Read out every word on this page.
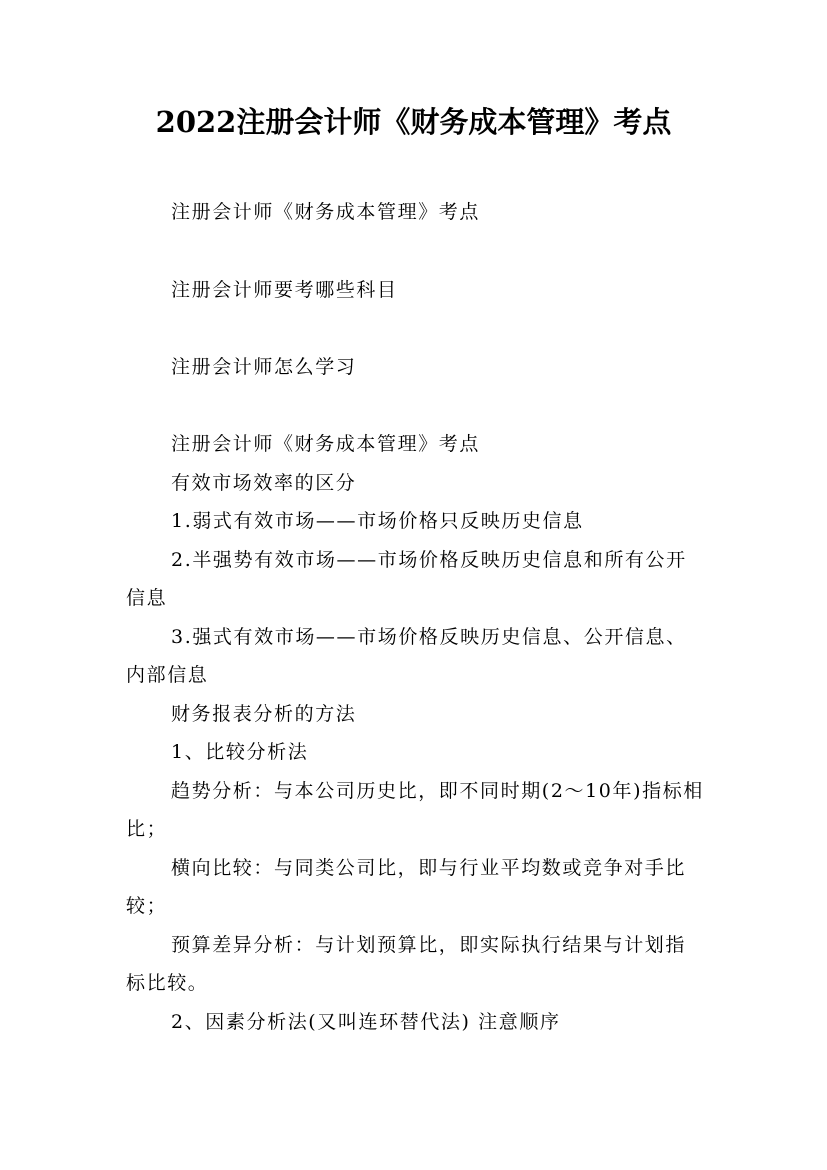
2022注册会计师《财务成本管理》考点

注册会计师《财务成本管理》考点

注册会计师要考哪些科目

注册会计师怎么学习

注册会计师《财务成本管理》考点

有效市场效率的区分

1.弱式有效市场——市场价格只反映历史信息

2.半强势有效市场——市场价格反映历史信息和所有公开信息

3.强式有效市场——市场价格反映历史信息、公开信息、内部信息

财务报表分析的方法

1、比较分析法

趋势分析：与本公司历史比，即不同时期(2～10年)指标相比；

横向比较：与同类公司比，即与行业平均数或竞争对手比较；

预算差异分析：与计划预算比，即实际执行结果与计划指标比较。

2、因素分析法(又叫连环替代法) 注意顺序
